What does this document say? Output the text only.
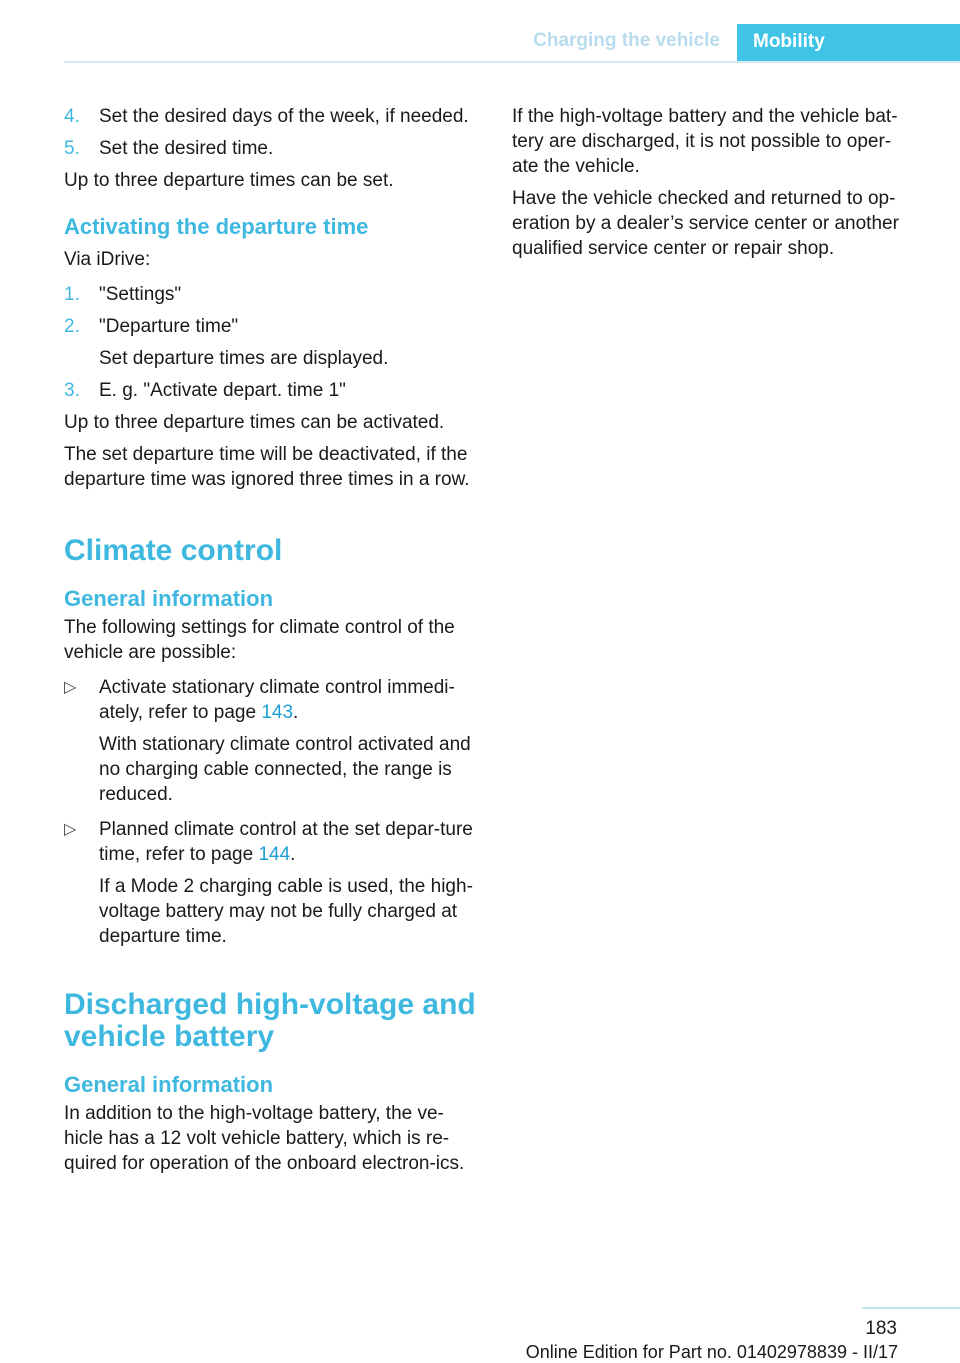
Charging the vehicle Mobility
4. Set the desired days of the week, if needed.
5. Set the desired time.

Up to three departure times can be set.

Activating the departure time

Via iDrive:

1. "Settings"
2. "Departure time"

Set departure times are displayed.

3. E. g. "Activate depart. time 1"

Up to three departure times can be activated.

The set departure time will be deactivated, if the departure time was ignored three times in a row.

Climate control
General information

The following settings for climate control of the vehicle are possible:

▷ Activate stationary climate control immedi‐ately, refer to page 143.

With stationary climate control activated and no charging cable connected, the range is reduced.

▷ Planned climate control at the set depar‐ture time, refer to page 144.

If a Mode 2 charging cable is used, the high-voltage battery may not be fully charged at departure time.

Discharged high-voltage and vehicle battery
General information

In addition to the high-voltage battery, the ve‐hicle has a 12 volt vehicle battery, which is re‐quired for operation of the onboard electron‐ics.

If the high-voltage battery and the vehicle bat‐tery are discharged, it is not possible to oper‐ate the vehicle.

Have the vehicle checked and returned to op‐eration by a dealer’s service center or another qualified service center or repair shop.

183
Online Edition for Part no. 01402978839 - II/17
